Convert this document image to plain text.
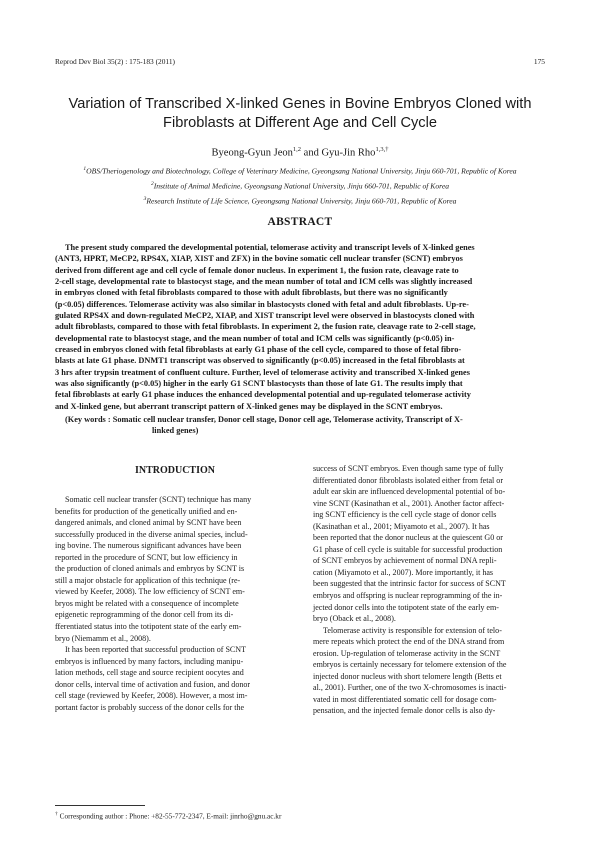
Reprod Dev Biol 35(2) : 175-183 (2011)	175
Variation of Transcribed X-linked Genes in Bovine Embryos Cloned with
Fibroblasts at Different Age and Cell Cycle
Byeong-Gyun Jeon$^{1,2}$ and Gyu-Jin Rho$^{1,3,\dagger}$
$^1$OBS/Theriogenology and Biotechnology, College of Veterinary Medicine, Gyeongsang National University, Jinju 660-701, Republic of Korea
$^2$Institute of Animal Medicine, Gyeongsang National University, Jinju 660-701, Republic of Korea
$^3$Research Institute of Life Science, Gyeongsang National University, Jinju 660-701, Republic of Korea
ABSTRACT
The present study compared the developmental potential, telomerase activity and transcript levels of X-linked genes
(ANT3, HPRT, MeCP2, RPS4X, XIAP, XIST and ZFX) in the bovine somatic cell nuclear transfer (SCNT) embryos
derived from different age and cell cycle of female donor nucleus. In experiment 1, the fusion rate, cleavage rate to
2-cell stage, developmental rate to blastocyst stage, and the mean number of total and ICM cells was slightly increased
in embryos cloned with fetal fibroblasts compared to those with adult fibroblasts, but there was no significantly
(p<0.05) differences. Telomerase activity was also similar in blastocysts cloned with fetal and adult fibroblasts. Up-re-
gulated RPS4X and down-regulated MeCP2, XIAP, and XIST transcript level were observed in blastocysts cloned with
adult fibroblasts, compared to those with fetal fibroblasts. In experiment 2, the fusion rate, cleavage rate to 2-cell stage,
developmental rate to blastocyst stage, and the mean number of total and ICM cells was significantly (p<0.05) in-
creased in embryos cloned with fetal fibroblasts at early G1 phase of the cell cycle, compared to those of fetal fibro-
blasts at late G1 phase. DNMT1 transcript was observed to significantly (p<0.05) increased in the fetal fibroblasts at
3 hrs after trypsin treatment of confluent culture. Further, level of telomerase activity and transcribed X-linked genes
was also significantly (p<0.05) higher in the early G1 SCNT blastocysts than those of late G1. The results imply that
fetal fibroblasts at early G1 phase induces the enhanced developmental potential and up-regulated telomerase activity
and X-linked gene, but aberrant transcript pattern of X-linked genes may be displayed in the SCNT embryos.
(Key words : Somatic cell nuclear transfer, Donor cell stage, Donor cell age, Telomerase activity, Transcript of X-
linked genes)
INTRODUCTION
Somatic cell nuclear transfer (SCNT) technique has many
benefits for production of the genetically unified and en-
dangered animals, and cloned animal by SCNT have been
successfully produced in the diverse animal species, includ-
ing bovine. The numerous significant advances have been
reported in the procedure of SCNT, but low efficiency in
the production of cloned animals and embryos by SCNT is
still a major obstacle for application of this technique (re-
viewed by Keefer, 2008). The low efficiency of SCNT em-
bryos might be related with a consequence of incomplete
epigenetic reprogramming of the donor cell from its di-
fferentiated status into the totipotent state of the early em-
bryo (Niemamm et al., 2008).
It has been reported that successful production of SCNT
embryos is influenced by many factors, including manipu-
lation methods, cell stage and source recipient oocytes and
donor cells, interval time of activation and fusion, and donor
cell stage (reviewed by Keefer, 2008). However, a most im-
portant factor is probably success of the donor cells for the
success of SCNT embryos. Even though same type of fully
differentiated donor fibroblasts isolated either from fetal or
adult ear skin are influenced developmental potential of bo-
vine SCNT (Kasinathan et al., 2001). Another factor affect-
ing SCNT efficiency is the cell cycle stage of donor cells
(Kasinathan et al., 2001; Miyamoto et al., 2007). It has
been reported that the donor nucleus at the quiescent G0 or
G1 phase of cell cycle is suitable for successful production
of SCNT embryos by achievement of normal DNA repli-
cation (Miyamoto et al., 2007). More importantly, it has
been suggested that the intrinsic factor for success of SCNT
embryos and offspring is nuclear reprogramming of the in-
jected donor cells into the totipotent state of the early em-
bryo (Oback et al., 2008).
Telomerase activity is responsible for extension of telo-
mere repeats which protect the end of the DNA strand from
erosion. Up-regulation of telomerase activity in the SCNT
embryos is certainly necessary for telomere extension of the
injected donor nucleus with short telomere length (Betts et
al., 2001). Further, one of the two X-chromosomes is inacti-
vated in most differentiated somatic cell for dosage com-
pensation, and the injected female donor cells is also dy-
† Corresponding author : Phone: +82-55-772-2347, E-mail: jinrho@gnu.ac.kr
